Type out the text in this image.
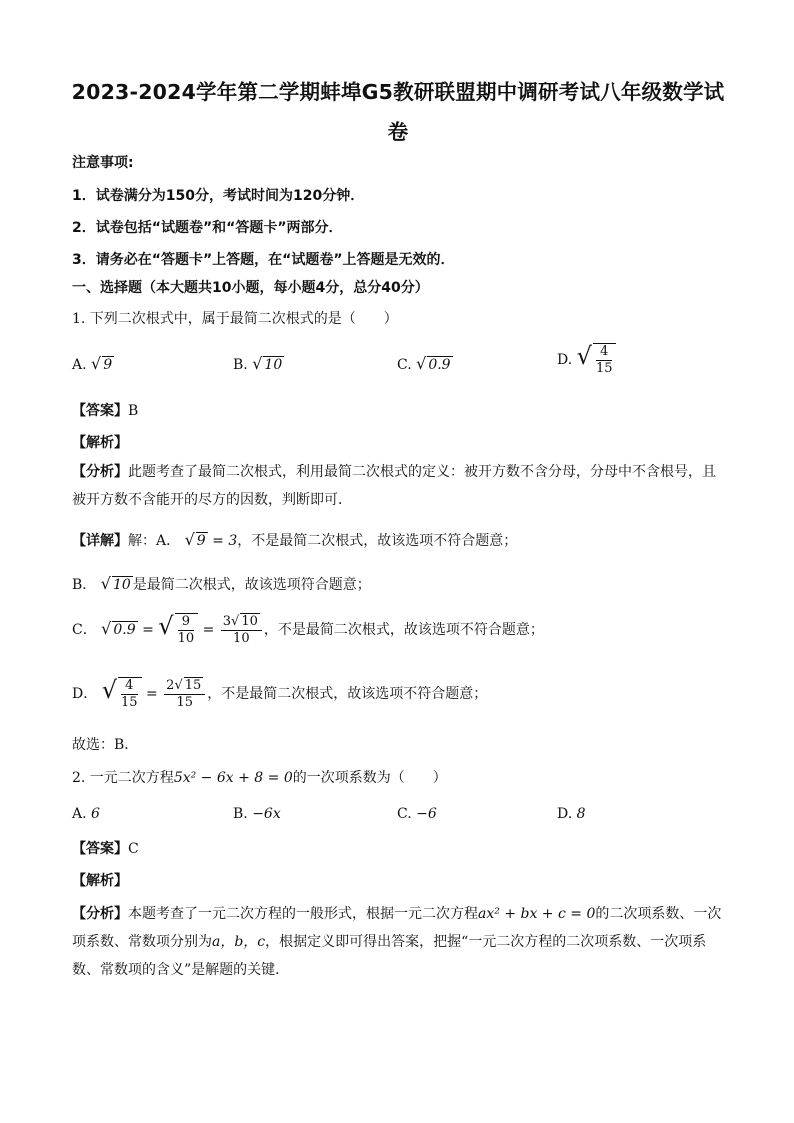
2023-2024学年第二学期蚌埠G5教研联盟期中调研考试八年级数学试卷
注意事项:
1．试卷满分为150分，考试时间为120分钟．
2．试卷包括“试题卷”和“答题卡”两部分．
3．请务必在“答题卡”上答题，在“试题卷”上答题是无效的．
一、选择题（本大题共10小题，每小题4分，总分40分）
1. 下列二次根式中，属于最简二次根式的是（　　）
A. √ 9	B. √ 10	C. √ 0.9	D. √ $\frac{4}{15}$
【答案】B
【解析】
【分析】此题考查了最简二次根式，利用最简二次根式的定义：被开方数不含分母，分母中不含根号，且被开方数不含能开的尽方的因数，判断即可．
【详解】解：A． √ 9 = 3，不是最简二次根式，故该选项不符合题意；
B． √ 10 是最简二次根式，故该选项符合题意；
C． √ 0.9 = √ $\frac{9}{10} = \frac{3√ 10}{10}$ ，不是最简二次根式，故该选项不符合题意；
D． √ $\frac{4}{15} = \frac{2√ 15}{15}$ ，不是最简二次根式，故该选项不符合题意；
故选：B．
2. 一元二次方程5x² − 6x + 8 = 0的一次项系数为（　　）
A. 6	B. −6x	C. −6	D. 8
【答案】C
【解析】
【分析】本题考查了一元二次方程的一般形式，根据一元二次方程ax² + bx + c = 0的二次项系数、一次项系数、常数项分别为a，b，c，根据定义即可得出答案，把握“一元二次方程的二次项系数、一次项系数、常数项的含义”是解题的关键．
